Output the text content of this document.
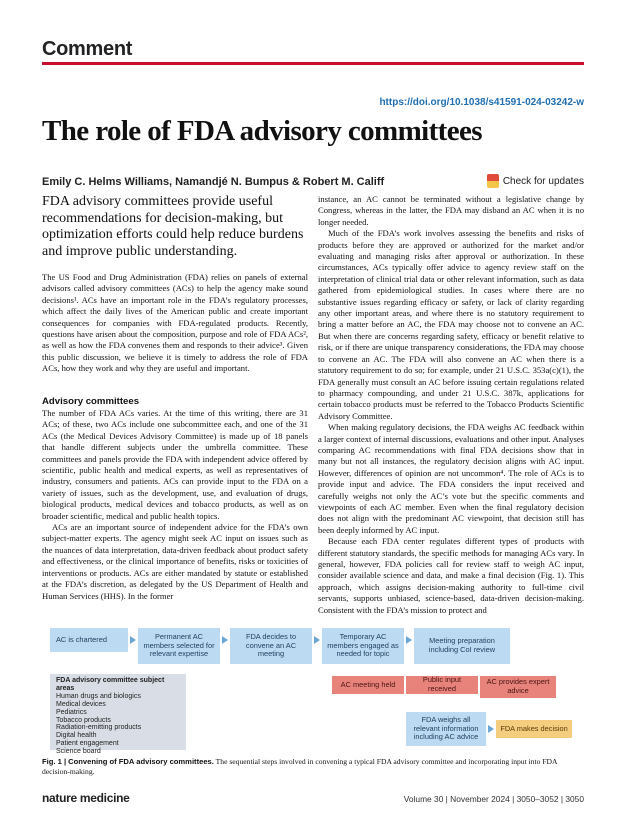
Comment
https://doi.org/10.1038/s41591-024-03242-w
The role of FDA advisory committees
Emily C. Helms Williams, Namandjé N. Bumpus & Robert M. Califf	Check for updates
FDA advisory committees provide useful recommendations for decision-making, but optimization efforts could help reduce burdens and improve public understanding.

The US Food and Drug Administration (FDA) relies on panels of external advisors called advisory committees (ACs) to help the agency make sound decisions¹. ACs have an important role in the FDA’s regulatory processes, which affect the daily lives of the American public and create important consequences for companies with FDA-regulated products. Recently, questions have arisen about the composition, purpose and role of FDA ACs², as well as how the FDA convenes them and responds to their advice³. Given this public discussion, we believe it is timely to address the role of FDA ACs, how they work and why they are useful and important.

Advisory committees

The number of FDA ACs varies. At the time of this writing, there are 31 ACs; of these, two ACs include one subcommittee each, and one of the 31 ACs (the Medical Devices Advisory Committee) is made up of 18 panels that handle different subjects under the umbrella committee. These committees and panels provide the FDA with independent advice offered by scientific, public health and medical experts, as well as representatives of industry, consumers and patients. ACs can provide input to the FDA on a variety of issues, such as the development, use, and evaluation of drugs, biological products, medical devices and tobacco products, as well as on broader scientific, medical and public health topics.

ACs are an important source of independent advice for the FDA’s own subject-matter experts. The agency might seek AC input on issues such as the nuances of data interpretation, data-driven feedback about product safety and effectiveness, or the clinical importance of benefits, risks or toxicities of interventions or products. ACs are either mandated by statute or established at the FDA’s discretion, as delegated by the US Department of Health and Human Services (HHS). In the former

instance, an AC cannot be terminated without a legislative change by Congress, whereas in the latter, the FDA may disband an AC when it is no longer needed.

Much of the FDA’s work involves assessing the benefits and risks of products before they are approved or authorized for the market and/or evaluating and managing risks after approval or authorization. In these circumstances, ACs typically offer advice to agency review staff on the interpretation of clinical trial data or other relevant information, such as data gathered from epidemiological studies. In cases where there are no substantive issues regarding efficacy or safety, or lack of clarity regarding any other important areas, and where there is no statutory requirement to bring a matter before an AC, the FDA may choose not to convene an AC. But when there are concerns regarding safety, efficacy or benefit relative to risk, or if there are unique transparency considerations, the FDA may choose to convene an AC. The FDA will also convene an AC when there is a statutory requirement to do so; for example, under 21 U.S.C. 353a(c)(1), the FDA generally must consult an AC before issuing certain regulations related to pharmacy compounding, and under 21 U.S.C. 387k, applications for certain tobacco products must be referred to the Tobacco Products Scientific Advisory Committee.

When making regulatory decisions, the FDA weighs AC feedback within a larger context of internal discussions, evaluations and other input. Analyses comparing AC recommendations with final FDA decisions show that in many but not all instances, the regulatory decision aligns with AC input. However, differences of opinion are not uncommon⁴. The role of ACs is to provide input and advice. The FDA considers the input received and carefully weighs not only the AC’s vote but the specific comments and viewpoints of each AC member. Even when the final regulatory decision does not align with the predominant AC viewpoint, that decision still has been deeply informed by AC input.

Because each FDA center regulates different types of products with different statutory standards, the specific methods for managing ACs vary. In general, however, FDA policies call for review staff to weigh AC input, consider available science and data, and make a final decision (Fig. 1). This approach, which assigns decision-making authority to full-time civil servants, supports unbiased, science-based, data-driven decision-making. Consistent with the FDA’s mission to protect and

AC is chartered	Permanent AC members selected for relevant expertise
FDA decides to convene an AC meeting
Temporary AC members engaged as needed for topic
Meeting preparation including CoI review
FDA advisory committee subject areas
Human drugs and biologics
Medical devices
Pediatrics
Tobacco products
Radiation-emitting products
Digital health
Patient engagement
Science board
AC meeting held	Public input received
AC provides expert advice
FDA weighs all relevant information including AC advice
FDA makes decision
Fig. 1 | Convening of FDA advisory committees. The sequential steps involved in convening a typical FDA advisory committee and incorporating input into FDA decision-making.
nature medicine	Volume 30 | November 2024 | 3050–3052 | 3050
